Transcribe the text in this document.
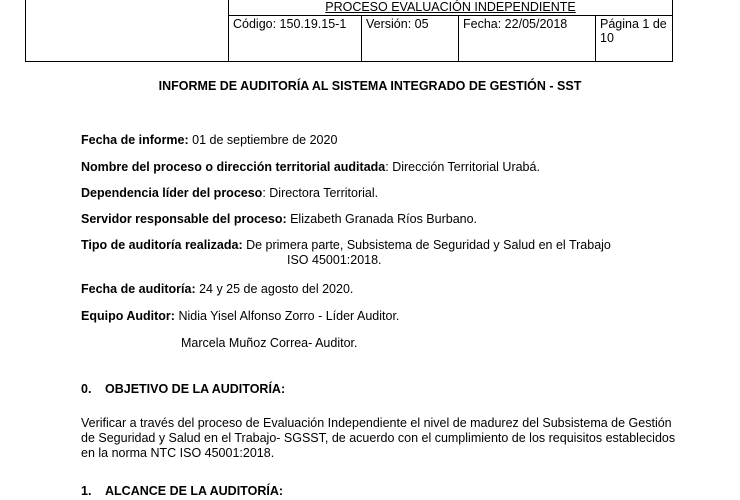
	PROCESO EVALUACIÓN INDEPENDIENTE			
	Código: 150.19.15-1	Versión: 05	Fecha: 22/05/2018	Página 1 de
10
INFORME DE AUDITORÍA AL SISTEMA INTEGRADO DE GESTIÓN - SST
Fecha de informe: 01 de septiembre de 2020
Nombre del proceso o dirección territorial auditada: Dirección Territorial Urabá.
Dependencia líder del proceso: Directora Territorial.
Servidor responsable del proceso: Elizabeth Granada Ríos Burbano.
Tipo de auditoría realizada: De primera parte, Subsistema de Seguridad y Salud en el Trabajo
ISO 45001:2018.
Fecha de auditoría: 24 y 25 de agosto del 2020.
Equipo Auditor: Nidia Yisel Alfonso Zorro - Líder Auditor.
Marcela Muñoz Correa- Auditor.
0. OBJETIVO DE LA AUDITORÍA:
Verificar a través del proceso de Evaluación Independiente el nivel de madurez del Subsistema de Gestión de Seguridad y Salud en el Trabajo- SGSST, de acuerdo con el cumplimiento de los requisitos establecidos en la norma NTC ISO 45001:2018.
1. ALCANCE DE LA AUDITORÍA:
